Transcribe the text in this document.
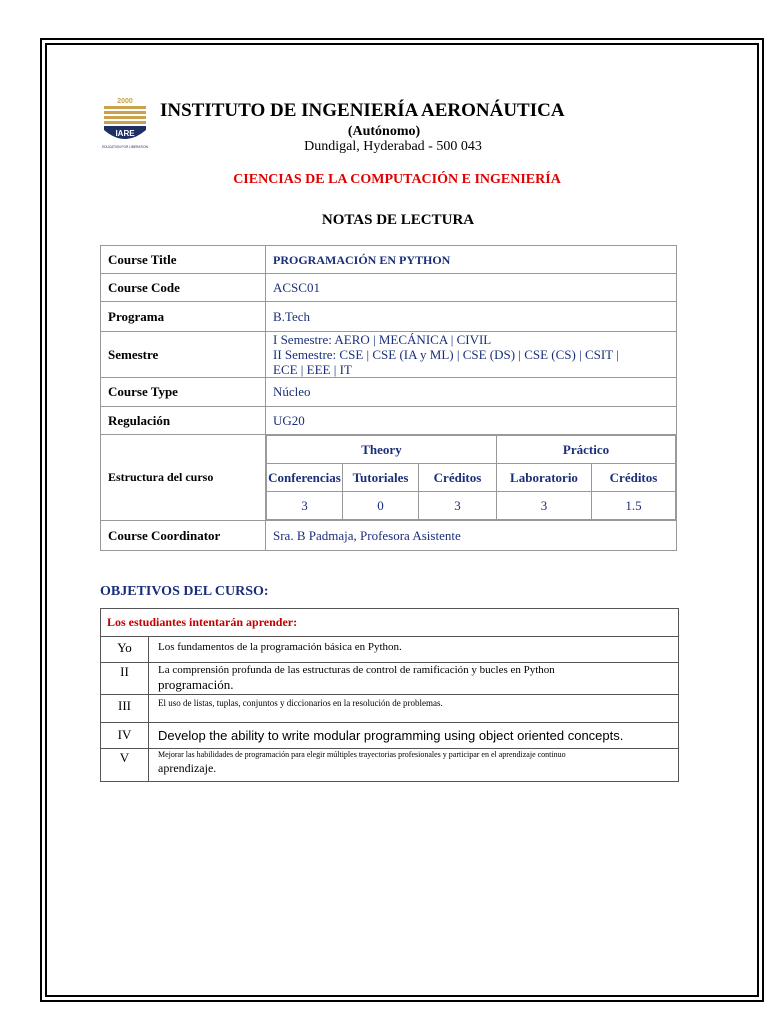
2000
IARE
EDUCATION FOR LIBERATION
INSTITUTO DE INGENIERÍA AERONÁUTICA
(Autónomo)
Dundigal, Hyderabad - 500 043
CIENCIAS DE LA COMPUTACIÓN E INGENIERÍA
NOTAS DE LECTURA
Course Title	PROGRAMACIÓN EN PYTHON
Course Code	ACSC01
Programa	B.Tech
Semestre	
I Semestre: AERO | MECÁNICA | CIVIL
II Semestre: CSE | CSE (IA y ML) | CSE (DS) | CSE (CS) | CSIT |
ECE | EEE | IT

Course Type	Núcleo
Regulación	UG20
Estructura del curso	
Theory	Práctico
Conferencias	Tutoriales	Créditos	Laboratorio	Créditos
3	0	3	3	1.5

Course Coordinator	Sra. B Padmaja, Profesora Asistente
OBJETIVOS DEL CURSO:
Los estudiantes intentarán aprender:	
Yo	Los fundamentos de la programación básica en Python.
II	La comprensión profunda de las estructuras de control de ramificación y bucles en Python
programación.

III	El uso de listas, tuplas, conjuntos y diccionarios en la resolución de problemas.
IV	Develop the ability to write modular programming using object oriented concepts.
V	Mejorar las habilidades de programación para elegir múltiples trayectorias profesionales y participar en el aprendizaje continuo
aprendizaje.
